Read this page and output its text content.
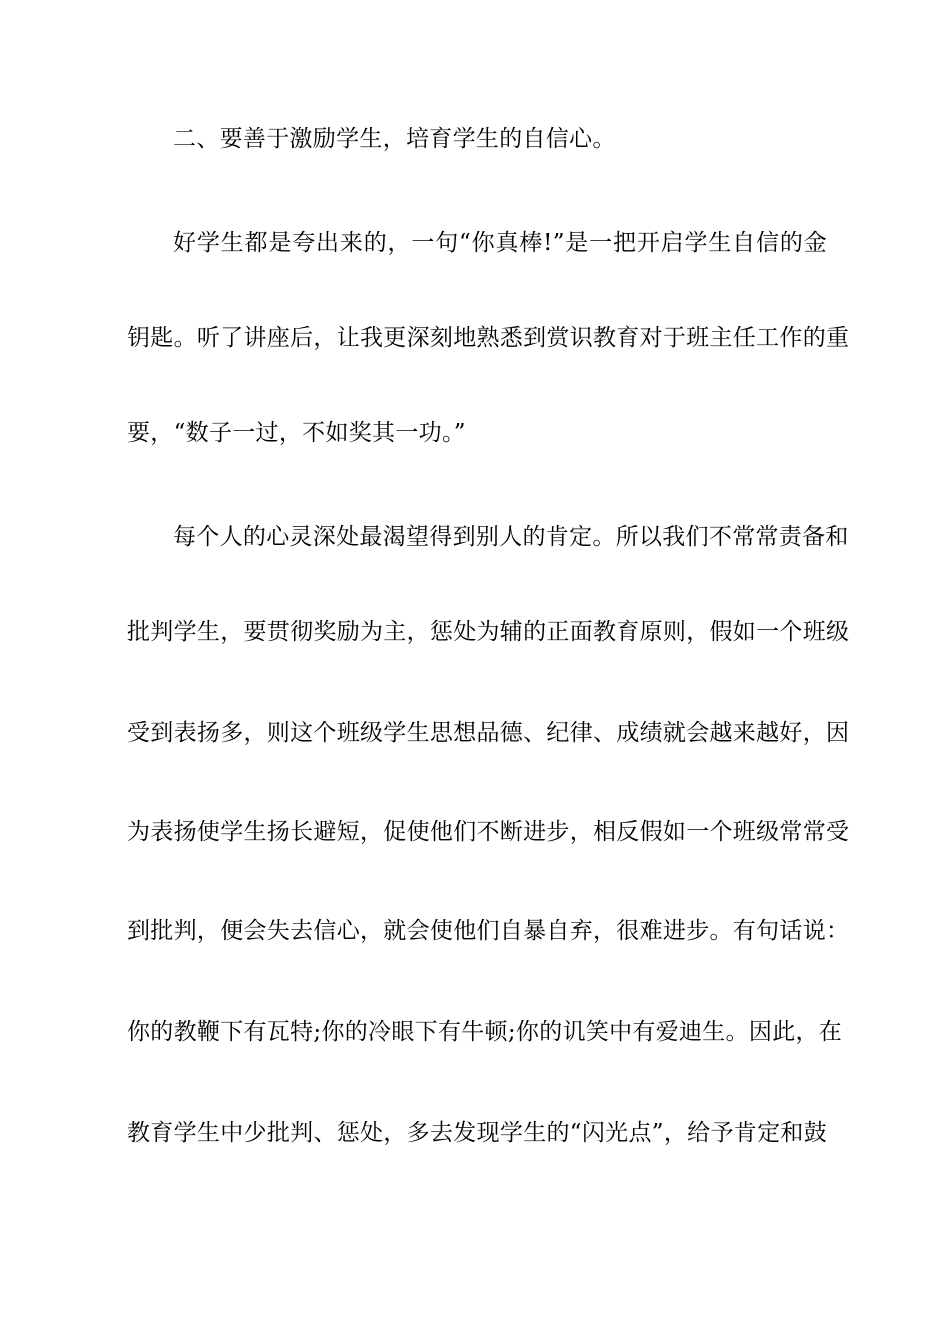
二、要善于激励学生，培育学生的自信心。
好学生都是夸出来的，一句“你真棒!”是一把开启学生自信的金
钥匙。听了讲座后，让我更深刻地熟悉到赏识教育对于班主任工作的重
要，“数子一过，不如奖其一功。”
每个人的心灵深处最渴望得到别人的肯定。所以我们不常常责备和
批判学生，要贯彻奖励为主，惩处为辅的正面教育原则，假如一个班级
受到表扬多，则这个班级学生思想品德、纪律、成绩就会越来越好，因
为表扬使学生扬长避短，促使他们不断进步，相反假如一个班级常常受
到批判，便会失去信心，就会使他们自暴自弃，很难进步。有句话说：
你的教鞭下有瓦特;你的冷眼下有牛顿;你的讥笑中有爱迪生。因此，在
教育学生中少批判、惩处，多去发现学生的“闪光点”，给予肯定和鼓
